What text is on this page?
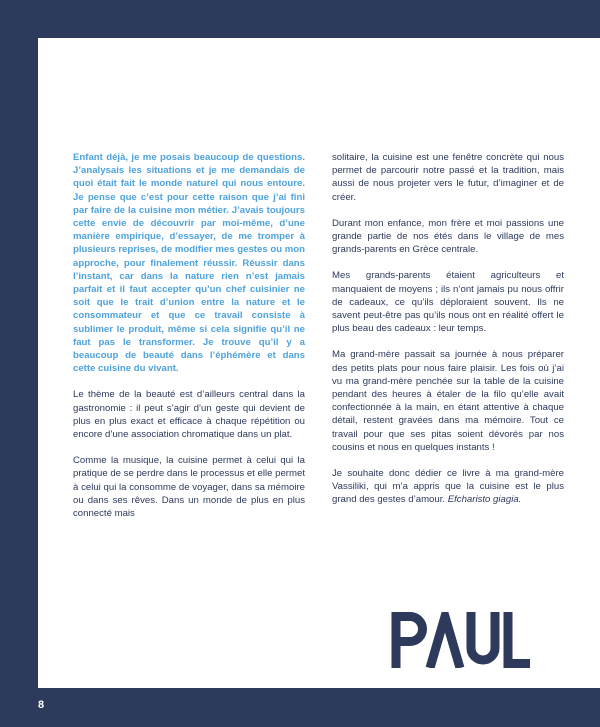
Enfant déjà, je me posais beaucoup de questions. J’analysais les situations et je me demandais de quoi était fait le monde naturel qui nous entoure. Je pense que c’est pour cette raison que j’ai fini par faire de la cuisine mon métier. J’avais toujours cette envie de découvrir par moi-même, d’une manière empirique, d’essayer, de me tromper à plusieurs reprises, de modifier mes gestes ou mon approche, pour finalement réussir. Réussir dans l’instant, car dans la nature rien n’est jamais parfait et il faut accepter qu’un chef cuisinier ne soit que le trait d’union entre la nature et le consommateur et que ce travail consiste à sublimer le produit, même si cela signifie qu’il ne faut pas le transformer. Je trouve qu’il y a beaucoup de beauté dans l’éphémère et dans cette cuisine du vivant.

Le thème de la beauté est d’ailleurs central dans la gastronomie : il peut s’agir d’un geste qui devient de plus en plus exact et efficace à chaque répétition ou encore d’une association chromatique dans un plat.

Comme la musique, la cuisine permet à celui qui la pratique de se perdre dans le processus et elle permet à celui qui la consomme de voyager, dans sa mémoire ou dans ses rêves. Dans un monde de plus en plus connecté mais

solitaire, la cuisine est une fenêtre concrète qui nous permet de parcourir notre passé et la tradition, mais aussi de nous projeter vers le futur, d’imaginer et de créer.

Durant mon enfance, mon frère et moi passions une grande partie de nos étés dans le village de mes grands-parents en Grèce centrale.

Mes grands-parents étaient agriculteurs et manquaient de moyens ; ils n’ont jamais pu nous offrir de cadeaux, ce qu’ils déploraient souvent. Ils ne savent peut-être pas qu’ils nous ont en réalité offert le plus beau des cadeaux : leur temps.

Ma grand-mère passait sa journée à nous préparer des petits plats pour nous faire plaisir. Les fois où j’ai vu ma grand-mère penchée sur la table de la cuisine pendant des heures à étaler de la filo qu’elle avait confectionnée à la main, en étant attentive à chaque détail, restent gravées dans ma mémoire. Tout ce travail pour que ses pitas soient dévorés par nos cousins et nous en quelques instants !

Je souhaite donc dédier ce livre à ma grand-mère Vassiliki, qui m’a appris que la cuisine est le plus grand des gestes d’amour. Efcharisto giagia.

8
